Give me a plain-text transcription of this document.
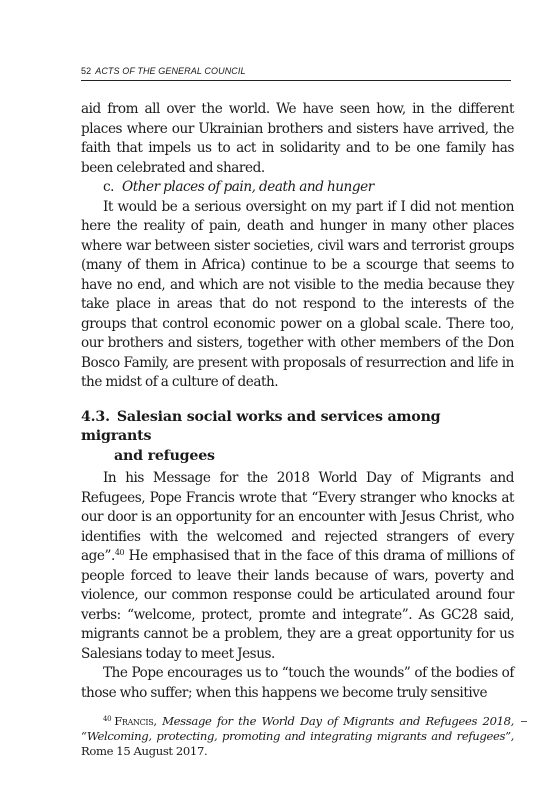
52 ACTS OF THE GENERAL COUNCIL

aid from all over the world. We have seen how, in the different places where our Ukrainian brothers and sisters have arrived, the faith that impels us to act in solidarity and to be one family has been celebrated and shared.

c. Other places of pain, death and hunger

It would be a serious oversight on my part if I did not mention here the reality of pain, death and hunger in many other places where war between sister societies, civil wars and terrorist groups (many of them in Africa) continue to be a scourge that seems to have no end, and which are not visible to the media because they take place in areas that do not respond to the interests of the groups that control economic power on a global scale. There too, our brothers and sisters, together with other members of the Don Bosco Family, are present with proposals of resurrection and life in the midst of a culture of death.

4.3. Salesian social works and services among migrants
and refugees

In his Message for the 2018 World Day of Migrants and Refugees, Pope Francis wrote that “Every stranger who knocks at our door is an opportunity for an encounter with Jesus Christ, who identifies with the welcomed and rejected strangers of every age”.$^{40}$ He emphasised that in the face of this drama of millions of people forced to leave their lands because of wars, poverty and violence, our common response could be articulated around four verbs: “welcome, protect, promte and integrate”. As GC28 said, migrants cannot be a problem, they are a great opportunity for us Salesians today to meet Jesus.

The Pope encourages us to “touch the wounds” of the bodies of those who suffer; when this happens we become truly sensitive

$^{40}$ Francis, Message for the World Day of Migrants and Refugees 2018, “Welcoming, protecting, promoting and integrating migrants and refugees”, Rome 15 August 2017.
